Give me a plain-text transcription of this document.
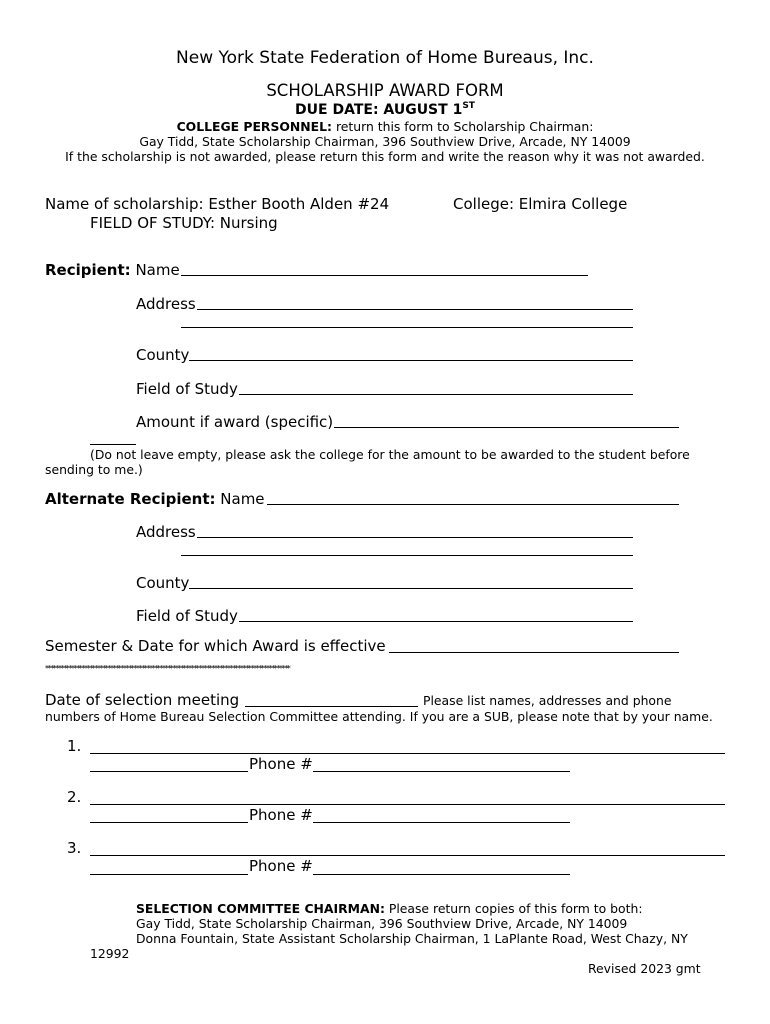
New York State Federation of Home Bureaus, Inc.
SCHOLARSHIP AWARD FORM
DUE DATE: AUGUST 1ST
COLLEGE PERSONNEL: return this form to Scholarship Chairman:
Gay Tidd, State Scholarship Chairman, 396 Southview Drive, Arcade, NY 14009
If the scholarship is not awarded, please return this form and write the reason why it was not awarded.
Name of scholarship: Esther Booth Alden #24	College: Elmira College
FIELD OF STUDY: Nursing
Recipient: Name
Address
County
Field of Study
Amount if award (specific)
(Do not leave empty, please ask the college for the amount to be awarded to the student before
sending to me.)
Alternate Recipient: Name
Address
County
Field of Study
Semester & Date for which Award is effective
**********************************************************************************************
Date of selection meeting	Please list names, addresses and phone
numbers of Home Bureau Selection Committee attending. If you are a SUB, please note that by your name.
1.
Phone #
2.
Phone #
3.
Phone #
SELECTION COMMITTEE CHAIRMAN: Please return copies of this form to both:
Gay Tidd, State Scholarship Chairman, 396 Southview Drive, Arcade, NY 14009
Donna Fountain, State Assistant Scholarship Chairman, 1 LaPlante Road, West Chazy, NY
12992
Revised 2023 gmt
